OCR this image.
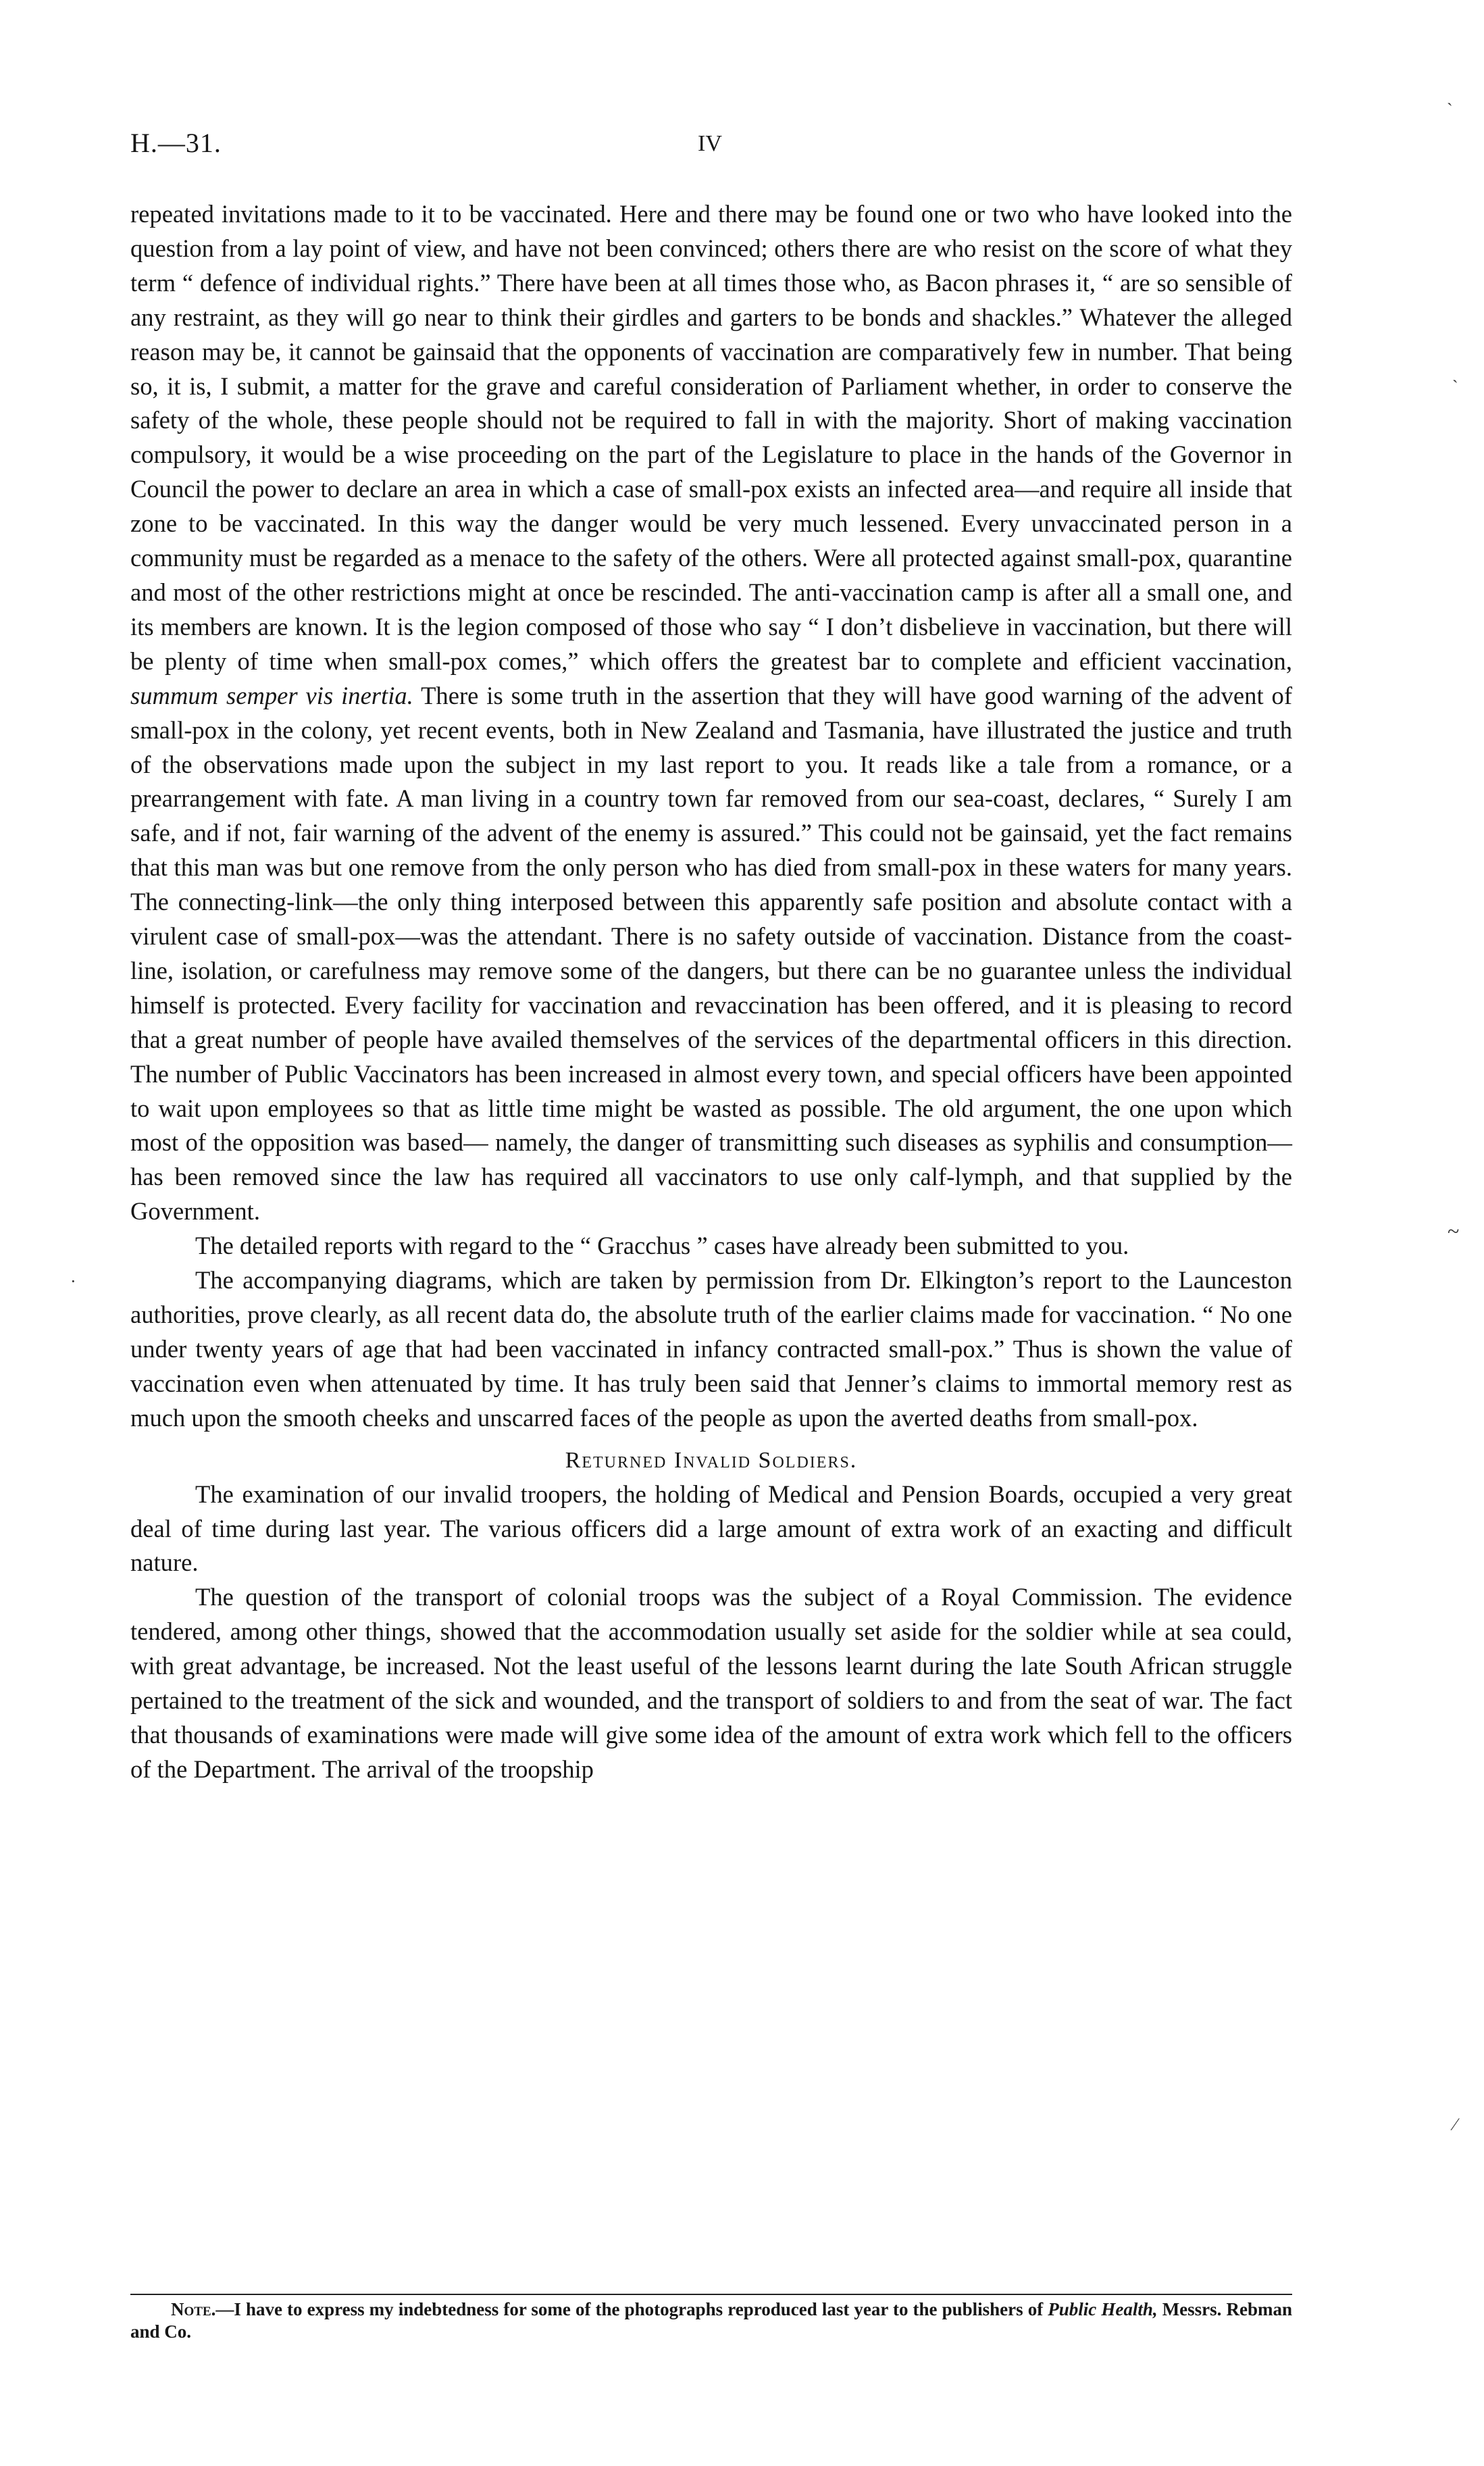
H.—31.	IV

repeated invitations made to it to be vaccinated. Here and there may be found one or two who have looked into the question from a lay point of view, and have not been convinced; others there are who resist on the score of what they term “ defence of individual rights.” There have been at all times those who, as Bacon phrases it, “ are so sensible of any restraint, as they will go near to think their girdles and garters to be bonds and shackles.” Whatever the alleged reason may be, it cannot be gainsaid that the opponents of vaccination are comparatively few in number. That being so, it is, I submit, a matter for the grave and careful consideration of Parliament whether, in order to conserve the safety of the whole, these people should not be required to fall in with the majority. Short of making vaccination compulsory, it would be a wise proceeding on the part of the Legislature to place in the hands of the Governor in Council the power to declare an area in which a case of small-pox exists an infected area—and require all inside that zone to be vaccinated. In this way the danger would be very much lessened. Every unvaccinated person in a community must be regarded as a menace to the safety of the others. Were all protected against small-pox, quarantine and most of the other restrictions might at once be rescinded. The anti-vaccination camp is after all a small one, and its members are known. It is the legion composed of those who say “ I don’t disbelieve in vaccination, but there will be plenty of time when small-pox comes,” which offers the greatest bar to complete and efficient vaccination, summum semper vis inertia. There is some truth in the assertion that they will have good warning of the advent of small-pox in the colony, yet recent events, both in New Zealand and Tasmania, have illustrated the justice and truth of the observations made upon the subject in my last report to you. It reads like a tale from a romance, or a prearrangement with fate. A man living in a country town far removed from our sea-coast, declares, “ Surely I am safe, and if not, fair warning of the advent of the enemy is assured.” This could not be gainsaid, yet the fact remains that this man was but one remove from the only person who has died from small-pox in these waters for many years. The connecting-link—the only thing interposed between this apparently safe position and absolute contact with a virulent case of small-pox—was the attendant. There is no safety outside of vaccination. Distance from the coast-line, isolation, or carefulness may remove some of the dangers, but there can be no guarantee unless the individual himself is protected. Every facility for vaccination and revaccination has been offered, and it is pleasing to record that a great number of people have availed themselves of the services of the departmental officers in this direction. The number of Public Vaccinators has been increased in almost every town, and special officers have been appointed to wait upon employees so that as little time might be wasted as possible. The old argument, the one upon which most of the opposition was based— namely, the danger of transmitting such diseases as syphilis and consumption—has been removed since the law has required all vaccinators to use only calf-lymph, and that supplied by the Government.

The detailed reports with regard to the “ Gracchus ” cases have already been submitted to you.

The accompanying diagrams, which are taken by permission from Dr. Elkington’s report to the Launceston authorities, prove clearly, as all recent data do, the absolute truth of the earlier claims made for vaccination. “ No one under twenty years of age that had been vaccinated in infancy contracted small-pox.” Thus is shown the value of vaccination even when attenuated by time. It has truly been said that Jenner’s claims to immortal memory rest as much upon the smooth cheeks and unscarred faces of the people as upon the averted deaths from small-pox.

Returned Invalid Soldiers.

The examination of our invalid troopers, the holding of Medical and Pension Boards, occupied a very great deal of time during last year. The various officers did a large amount of extra work of an exacting and difficult nature.

The question of the transport of colonial troops was the subject of a Royal Commission. The evidence tendered, among other things, showed that the accommodation usually set aside for the soldier while at sea could, with great advantage, be increased. Not the least useful of the lessons learnt during the late South African struggle pertained to the treatment of the sick and wounded, and the transport of soldiers to and from the seat of war. The fact that thousands of examinations were made will give some idea of the amount of extra work which fell to the officers of the Department. The arrival of the troopship

Note.—I have to express my indebtedness for some of the photographs reproduced last year to the publishers of Public Health, Messrs. Rebman and Co.
ˋ
ˏ
~
·
⁄
